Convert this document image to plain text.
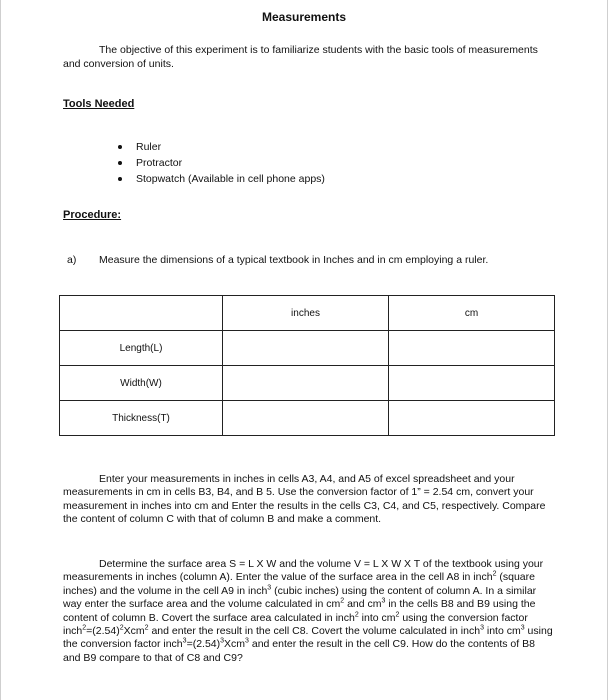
Measurements
The objective of this experiment is to familiarize students with the basic tools of measurements and conversion of units.
Tools Needed
Ruler
Protractor
Stopwatch (Available in cell phone apps)
Procedure:
a) Measure the dimensions of a typical textbook in Inches and in cm employing a ruler.
	inches	cm
Length(L)		
Width(W)		
Thickness(T)		
Enter your measurements in inches in cells A3, A4, and A5 of excel spreadsheet and your measurements in cm in cells B3, B4, and B 5. Use the conversion factor of 1” = 2.54 cm, convert your measurement in inches into cm and Enter the results in the cells C3, C4, and C5, respectively. Compare the content of column C with that of column B and make a comment.
Determine the surface area S = L X W and the volume V = L X W X T of the textbook using your measurements in inches (column A). Enter the value of the surface area in the cell A8 in inch$^2$ (square inches) and the volume in the cell A9 in inch$^3$ (cubic inches) using the content of column A. In a similar way enter the surface area and the volume calculated in $cm^2$ and $cm^3$ in the cells B8 and B9 using the content of column B. Covert the surface area calculated in inch$^2$ into $cm^2$ using the conversion factor $inch^2=(2.54)^2Xcm^2$ and enter the result in the cell C8. Covert the volume calculated in inch$^3$ into $cm^3$ using the conversion factor $inch^3=(2.54)^3Xcm^3$ and enter the result in the cell C9. How do the contents of B8 and B9 compare to that of C8 and C9?
